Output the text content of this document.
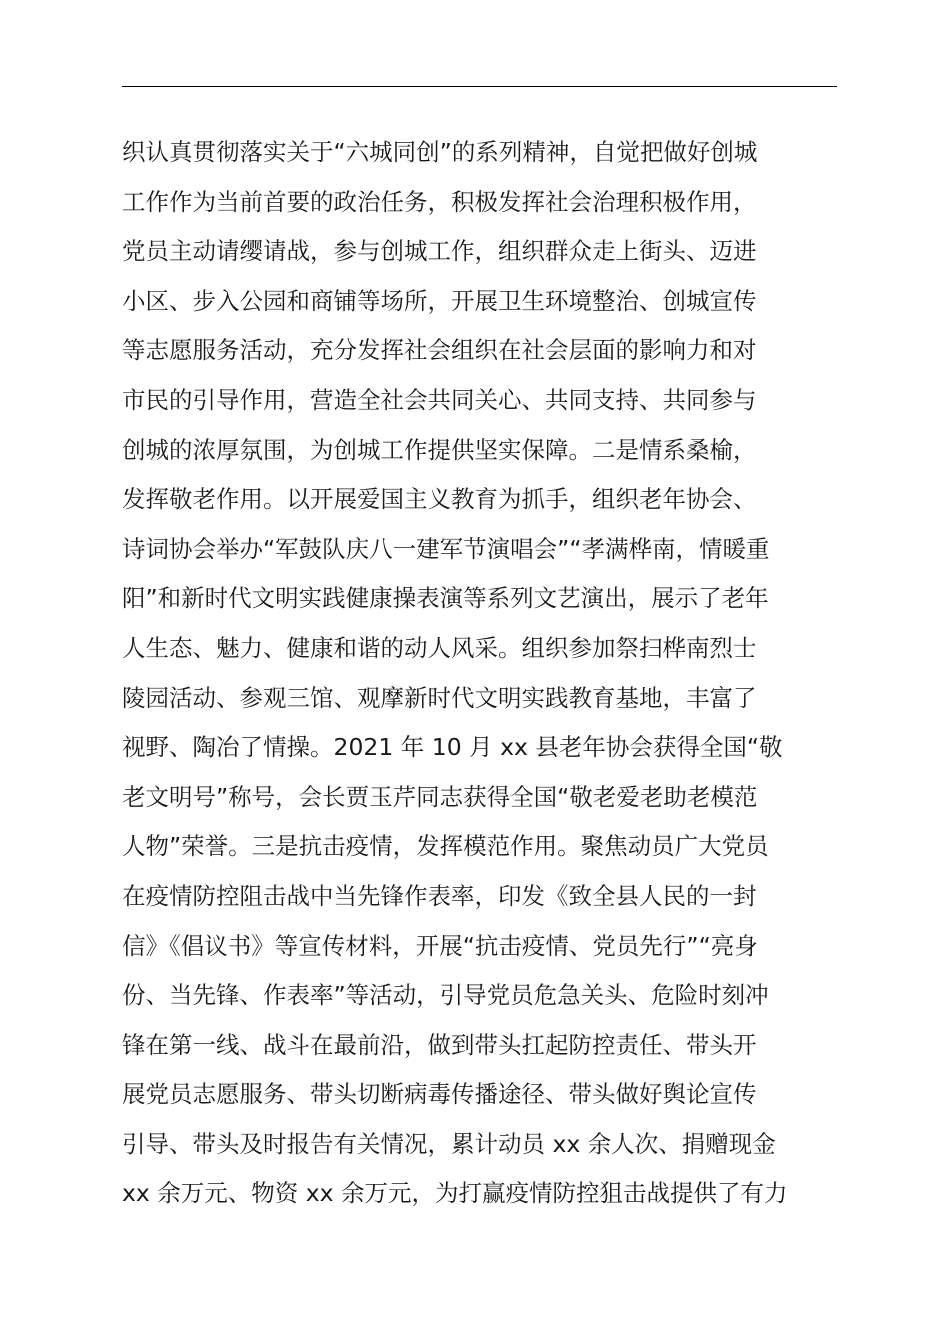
织认真贯彻落实关于“六城同创”的系列精神，自觉把做好创城
工作作为当前首要的政治任务，积极发挥社会治理积极作用，
党员主动请缨请战，参与创城工作，组织群众走上街头、迈进
小区、步入公园和商铺等场所，开展卫生环境整治、创城宣传
等志愿服务活动，充分发挥社会组织在社会层面的影响力和对
市民的引导作用，营造全社会共同关心、共同支持、共同参与
创城的浓厚氛围，为创城工作提供坚实保障。二是情系桑榆，
发挥敬老作用。以开展爱国主义教育为抓手，组织老年协会、
诗词协会举办“军鼓队庆八一建军节演唱会”“孝满桦南，情暖重
阳”和新时代文明实践健康操表演等系列文艺演出，展示了老年
人生态、魅力、健康和谐的动人风采。组织参加祭扫桦南烈士
陵园活动、参观三馆、观摩新时代文明实践教育基地，丰富了
视野、陶冶了情操。2021 年 10 月 xx 县老年协会获得全国“敬
老文明号”称号，会长贾玉芹同志获得全国“敬老爱老助老模范
人物”荣誉。三是抗击疫情，发挥模范作用。聚焦动员广大党员
在疫情防控阻击战中当先锋作表率，印发《致全县人民的一封
信》《倡议书》等宣传材料，开展“抗击疫情、党员先行”“亮身
份、当先锋、作表率”等活动，引导党员危急关头、危险时刻冲
锋在第一线、战斗在最前沿，做到带头扛起防控责任、带头开
展党员志愿服务、带头切断病毒传播途径、带头做好舆论宣传
引导、带头及时报告有关情况，累计动员 xx 余人次、捐赠现金
xx 余万元、物资 xx 余万元，为打赢疫情防控狙击战提供了有力
